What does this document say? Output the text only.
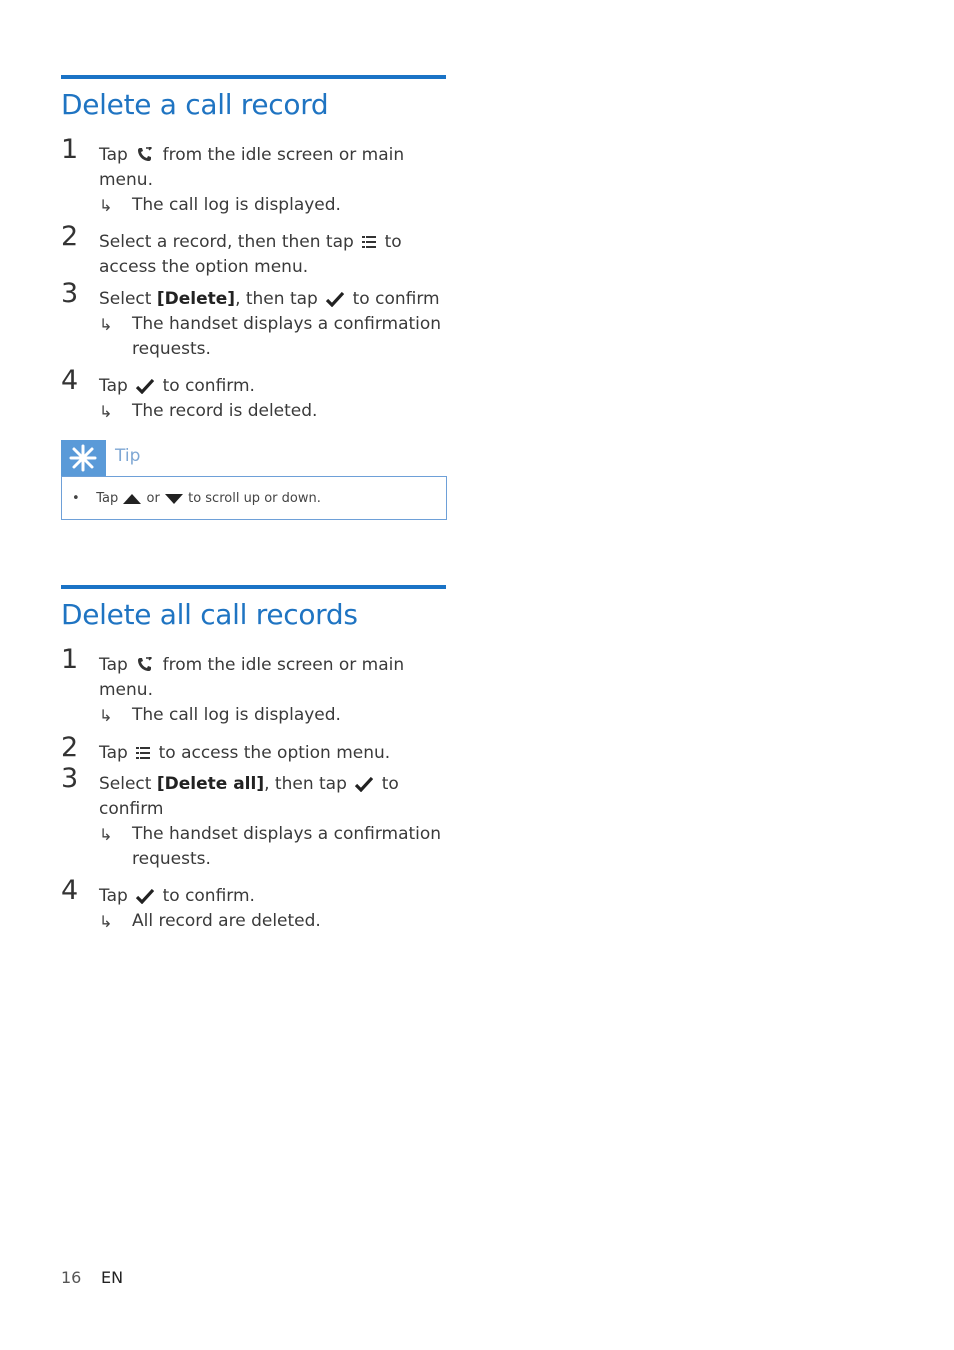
Delete a call record
1 Tap from the idle screen or main menu.
↳ The call log is displayed.
2 Select a record, then then tap to access the option menu.
3 Select [Delete], then tap to confirm
↳ The handset displays a confirmation requests.
4 Tap to confirm.
↳ The record is deleted.
Tip
• Tap or to scroll up or down.
Delete all call records
1 Tap from the idle screen or main menu.
↳ The call log is displayed.
2 Tap to access the option menu.
3 Select [Delete all], then tap to confirm
↳ The handset displays a confirmation requests.
4 Tap to confirm.
↳ All record are deleted.
16 EN
